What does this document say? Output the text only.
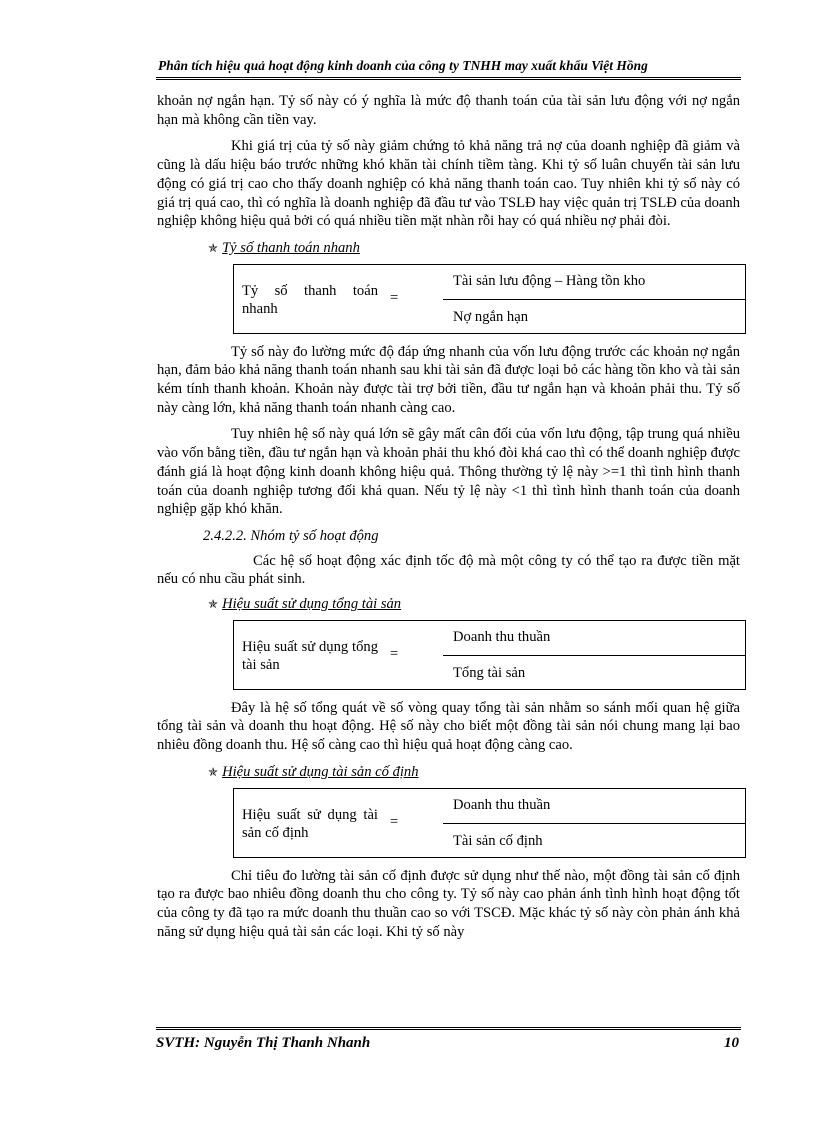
Phân tích hiệu quả hoạt động kinh doanh của công ty TNHH may xuất khẩu Việt Hồng

khoản nợ ngắn hạn. Tỷ số này có ý nghĩa là mức độ thanh toán của tài sản lưu động với nợ ngắn hạn mà không cần tiền vay.

Khi giá trị của tỷ số này giảm chứng tỏ khả năng trả nợ của doanh nghiệp đã giảm và cũng là dấu hiệu báo trước những khó khăn tài chính tiềm tàng. Khi tỷ số luân chuyển tài sản lưu động có giá trị cao cho thấy doanh nghiệp có khả năng thanh toán cao. Tuy nhiên khi tỷ số này có giá trị quá cao, thì có nghĩa là doanh nghiệp đã đầu tư vào TSLĐ hay việc quản trị TSLĐ của doanh nghiệp không hiệu quả bởi có quá nhiều tiền mặt nhàn rỗi hay có quá nhiều nợ phải đòi.

✯ Tỷ số thanh toán nhanh
Tỷ số thanh toán nhanh
=
Tài sản lưu động – Hàng tồn kho
Nợ ngắn hạn

Tỷ số này đo lường mức độ đáp ứng nhanh của vốn lưu động trước các khoản nợ ngắn hạn, đảm bảo khả năng thanh toán nhanh sau khi tài sản đã được loại bỏ các hàng tồn kho và tài sản kém tính thanh khoản. Khoản này được tài trợ bởi tiền, đầu tư ngắn hạn và khoản phải thu. Tỷ số này càng lớn, khả năng thanh toán nhanh càng cao.

Tuy nhiên hệ số này quá lớn sẽ gây mất cân đối của vốn lưu động, tập trung quá nhiều vào vốn bằng tiền, đầu tư ngắn hạn và khoản phải thu khó đòi khá cao thì có thể doanh nghiệp được đánh giá là hoạt động kinh doanh không hiệu quả. Thông thường tỷ lệ này >=1 thì tình hình thanh toán của doanh nghiệp tương đối khả quan. Nếu tỷ lệ này <1 thì tình hình thanh toán của doanh nghiệp gặp khó khăn.

2.4.2.2. Nhóm tỷ số hoạt động

Các hệ số hoạt động xác định tốc độ mà một công ty có thể tạo ra được tiền mặt nếu có nhu cầu phát sinh.

✯ Hiệu suất sử dụng tổng tài sản
Hiệu suất sử dụng tổng tài sản
=
Doanh thu thuần
Tổng tài sản

Đây là hệ số tổng quát về số vòng quay tổng tài sản nhằm so sánh mối quan hệ giữa tổng tài sản và doanh thu hoạt động. Hệ số này cho biết một đồng tài sản nói chung mang lại bao nhiêu đồng doanh thu. Hệ số càng cao thì hiệu quả hoạt động càng cao.

✯ Hiệu suất sử dụng tài sản cố định
Hiệu suất sử dụng tài sản cố định
=
Doanh thu thuần
Tài sản cố định

Chỉ tiêu đo lường tài sản cố định được sử dụng như thế nào, một đồng tài sản cố định tạo ra được bao nhiêu đồng doanh thu cho công ty. Tỷ số này cao phản ánh tình hình hoạt động tốt của công ty đã tạo ra mức doanh thu thuần cao so với TSCĐ. Mặc khác tỷ số này còn phản ánh khả năng sử dụng hiệu quả tài sản các loại. Khi tỷ số này

SVTH: Nguyễn Thị Thanh Nhanh	10
